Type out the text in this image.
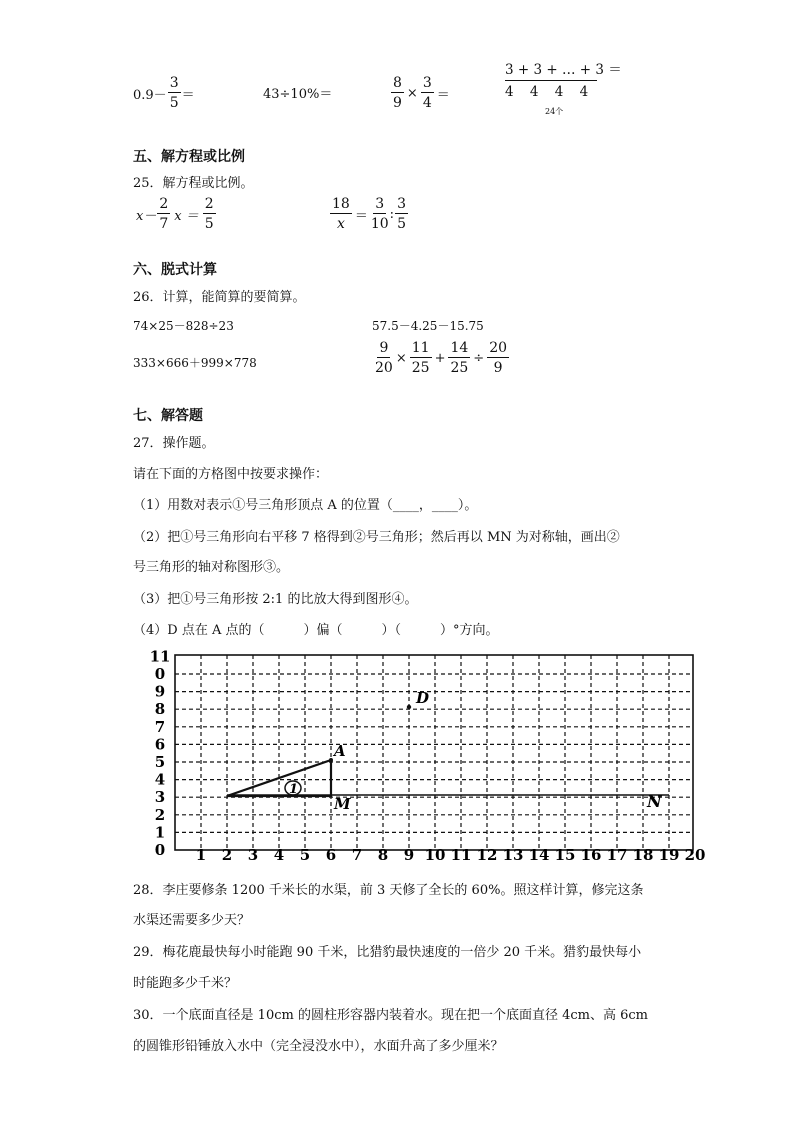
$0.9- \frac{3}{5}$ ＝	43÷10%＝	$\frac{8}{9} \times \frac{3}{4}$ ＝
3 + 3 + … + 3 ＝
4 4 4 4
24个
五、解方程或比例
25．解方程或比例。
$x- \frac{2}{7}$ $x = \frac{2}{5}$	$\frac{18}{x} = \frac{3}{10}$ : $\frac{3}{5}$
六、脱式计算
26．计算，能简算的要简算。
74×25－828÷23	57.5－4.25－15.75
333×666＋999×778	$\frac{9}{20} \times \frac{11}{25} + \frac{14}{25} \div \frac{20}{9}$
七、解答题
27．操作题。
请在下面的方格图中按要求操作：
（1）用数对表示①号三角形顶点 A 的位置（____，____）。
（2）把①号三角形向右平移 7 格得到②号三角形；然后再以 MN 为对称轴，画出②
号三角形的轴对称图形③。
（3）把①号三角形按 2:1 的比放大得到图形④。
（4）D 点在 A 点的（　　　）偏（　　　）（　　　）°方向。
1 2 3 4 5 6 7 8 9 10 11 12 13 14 15 16 17 18 19 20
0
1
2
3
4
5
6
7
8
9
0
11
1
A
M	N
D
28．李庄要修条 1200 千米长的水渠，前 3 天修了全长的 60%。照这样计算，修完这条
水渠还需要多少天？
29．梅花鹿最快每小时能跑 90 千米，比猎豹最快速度的一倍少 20 千米。猎豹最快每小
时能跑多少千米？
30．一个底面直径是 10cm 的圆柱形容器内装着水。现在把一个底面直径 4cm、高 6cm
的圆锥形铅锤放入水中（完全浸没水中），水面升高了多少厘米？
